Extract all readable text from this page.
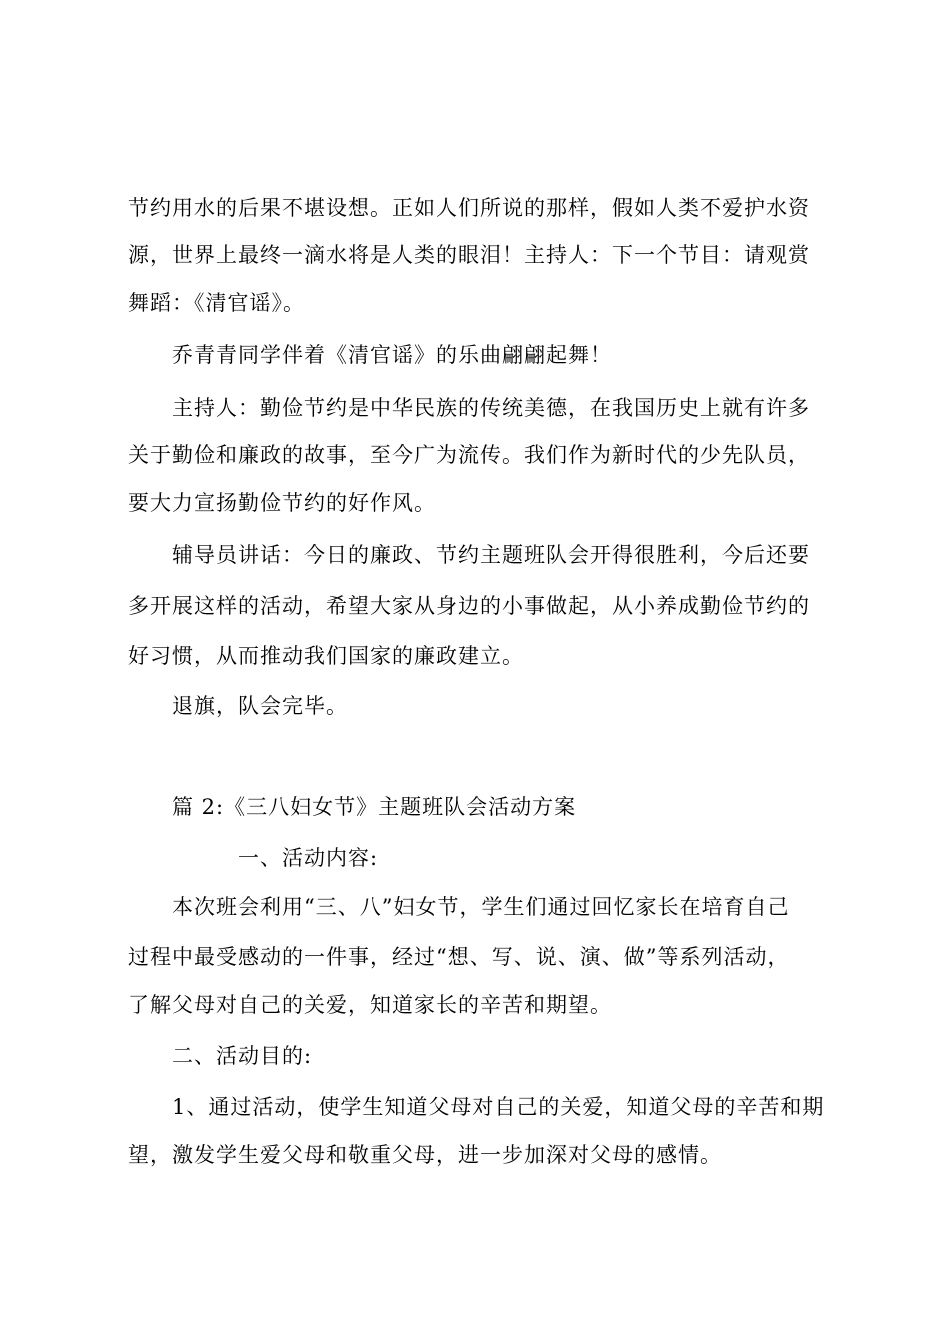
节约用水的后果不堪设想。正如人们所说的那样，假如人类不爱护水资
源，世界上最终一滴水将是人类的眼泪！主持人：下一个节目：请观赏
舞蹈：《清官谣》。
乔青青同学伴着《清官谣》的乐曲翩翩起舞！
主持人：勤俭节约是中华民族的传统美德，在我国历史上就有许多
关于勤俭和廉政的故事，至今广为流传。我们作为新时代的少先队员，
要大力宣扬勤俭节约的好作风。
辅导员讲话：今日的廉政、节约主题班队会开得很胜利，今后还要
多开展这样的活动，希望大家从身边的小事做起，从小养成勤俭节约的
好习惯，从而推动我们国家的廉政建立。
退旗，队会完毕。
篇 2:《三八妇女节》主题班队会活动方案
一、活动内容:
本次班会利用“三、八”妇女节，学生们通过回忆家长在培育自己
过程中最受感动的一件事，经过“想、写、说、演、做”等系列活动，
了解父母对自己的关爱，知道家长的辛苦和期望。
二、活动目的:
1、通过活动，使学生知道父母对自己的关爱，知道父母的辛苦和期
望，激发学生爱父母和敬重父母，进一步加深对父母的感情。
